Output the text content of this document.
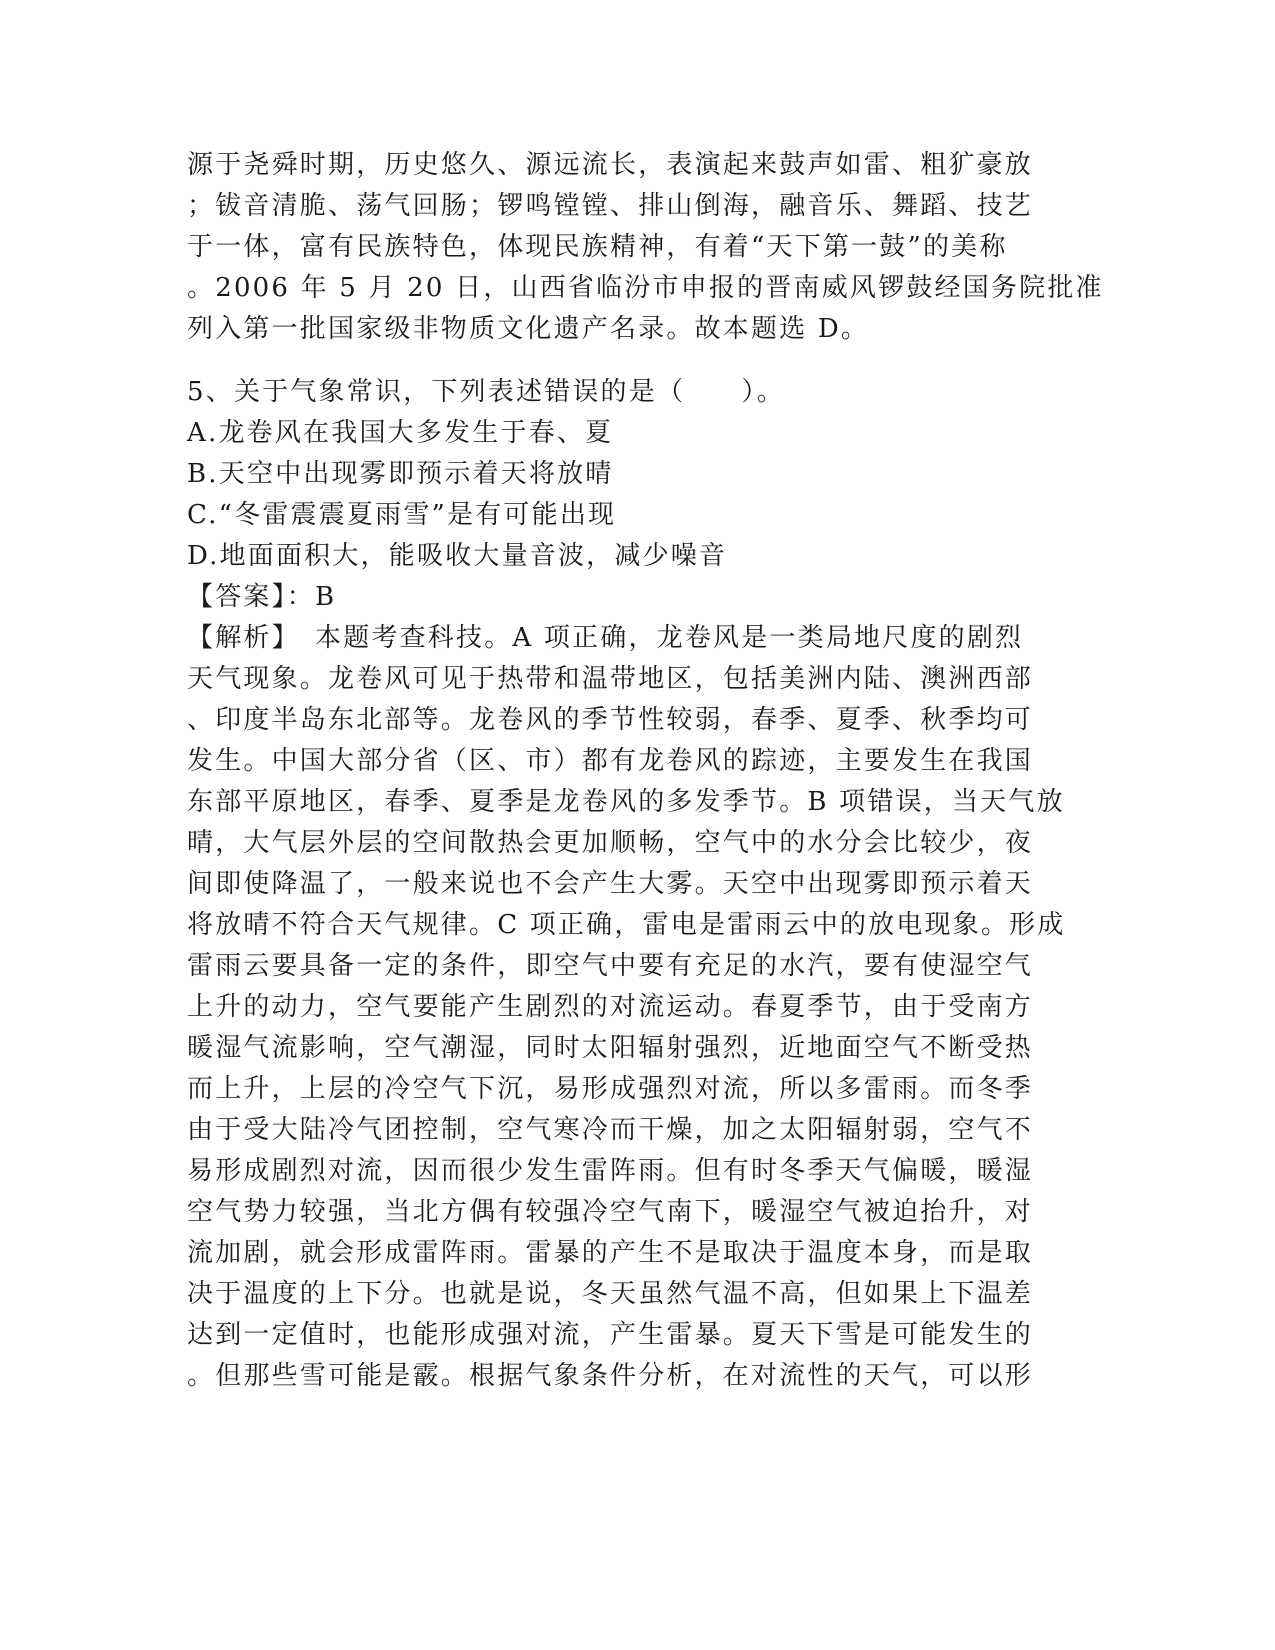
源于尧舜时期，历史悠久、源远流长，表演起来鼓声如雷、粗犷豪放
；钹音清脆、荡气回肠；锣鸣镗镗、排山倒海，融音乐、舞蹈、技艺
于一体，富有民族特色，体现民族精神，有着“天下第一鼓”的美称
。2006 年 5 月 20 日，山西省临汾市申报的晋南威风锣鼓经国务院批准
列入第一批国家级非物质文化遗产名录。故本题选 D。
5、关于气象常识，下列表述错误的是（　　）。
A.龙卷风在我国大多发生于春、夏
B.天空中出现雾即预示着天将放晴
C.“冬雷震震夏雨雪”是有可能出现
D.地面面积大，能吸收大量音波，减少噪音
【答案】：B
【解析】　本题考查科技。A 项正确，龙卷风是一类局地尺度的剧烈
天气现象。龙卷风可见于热带和温带地区，包括美洲内陆、澳洲西部
、印度半岛东北部等。龙卷风的季节性较弱，春季、夏季、秋季均可
发生。中国大部分省（区、市）都有龙卷风的踪迹，主要发生在我国
东部平原地区，春季、夏季是龙卷风的多发季节。B 项错误，当天气放
晴，大气层外层的空间散热会更加顺畅，空气中的水分会比较少，夜
间即使降温了，一般来说也不会产生大雾。天空中出现雾即预示着天
将放晴不符合天气规律。C 项正确，雷电是雷雨云中的放电现象。形成
雷雨云要具备一定的条件，即空气中要有充足的水汽，要有使湿空气
上升的动力，空气要能产生剧烈的对流运动。春夏季节，由于受南方
暖湿气流影响，空气潮湿，同时太阳辐射强烈，近地面空气不断受热
而上升，上层的冷空气下沉，易形成强烈对流，所以多雷雨。而冬季
由于受大陆冷气团控制，空气寒冷而干燥，加之太阳辐射弱，空气不
易形成剧烈对流，因而很少发生雷阵雨。但有时冬季天气偏暖，暖湿
空气势力较强，当北方偶有较强冷空气南下，暖湿空气被迫抬升，对
流加剧，就会形成雷阵雨。雷暴的产生不是取决于温度本身，而是取
决于温度的上下分。也就是说，冬天虽然气温不高，但如果上下温差
达到一定值时，也能形成强对流，产生雷暴。夏天下雪是可能发生的
。但那些雪可能是霰。根据气象条件分析，在对流性的天气，可以形
